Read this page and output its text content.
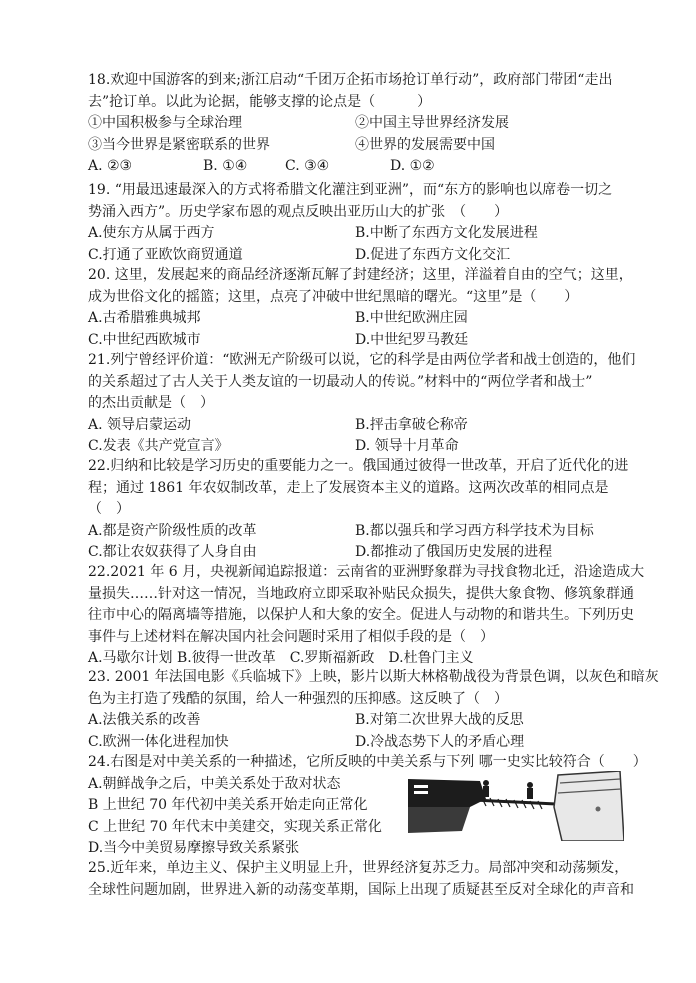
18.欢迎中国游客的到来;浙江启动“千团万企拓市场抢订单行动”，政府部门带团“走出
去”抢订单。以此为论据，能够支撑的论点是（　　　）
①中国积极参与全球治理	②中国主导世界经济发展
③当今世界是紧密联系的世界	④世界的发展需要中国
A. ②③	B. ①④	C. ③④	D. ①②
19. “用最迅速最深入的方式将希腊文化灌注到亚洲”，而“东方的影响也以席卷一切之
势涌入西方”。历史学家布恩的观点反映出亚历山大的扩张　（　　）
A.使东方从属于西方	B.中断了东西方文化发展进程
C.打通了亚欧饮商贸通道	D.促进了东西方文化交汇
20. 这里，发展起来的商品经济逐渐瓦解了封建经济；这里，洋溢着自由的空气；这里，
成为世俗文化的摇篮；这里，点亮了冲破中世纪黑暗的曙光。“这里”是（　　）
A.古希腊雅典城邦	B.中世纪欧洲庄园
C.中世纪西欧城市	D.中世纪罗马教廷
21.列宁曾经评价道：“欧洲无产阶级可以说，它的科学是由两位学者和战士创造的，他们
的关系超过了古人关于人类友谊的一切最动人的传说。”材料中的“两位学者和战士”
的杰出贡献是（　）
A. 领导启蒙运动	B.抨击拿破仑称帝
C.发表《共产党宣言》	D. 领导十月革命
22.归纳和比较是学习历史的重要能力之一。俄国通过彼得一世改革，开启了近代化的进
程；通过 1861 年农奴制改革，走上了发展资本主义的道路。这两次改革的相同点是
（　）
A.都是资产阶级性质的改革	B.都以强兵和学习西方科学技术为目标
C.都让农奴获得了人身自由	D.都推动了俄国历史发展的进程
22.2021 年 6 月，央视新闻追踪报道：云南省的亚洲野象群为寻找食物北迁，沿途造成大
量损失……针对这一情况，当地政府立即采取补贴民众损失，提供大象食物、修筑象群通
往市中心的隔离墙等措施，以保护人和大象的安全。促进人与动物的和谐共生。下列历史
事件与上述材料在解决国内社会问题时采用了相似手段的是（　）
A.马歇尔计划 B.彼得一世改革　C.罗斯福新政　D.杜鲁门主义
23. 2001 年法国电影《兵临城下》上映，影片以斯大林格勒战役为背景色调，以灰色和暗灰
色为主打造了残酷的氛围，给人一种强烈的压抑感。这反映了（　）
A.法俄关系的改善	B.对第二次世界大战的反思
C.欧洲一体化进程加快	D.冷战态势下人的矛盾心理
24.右图是对中美关系的一种描述，它所反映的中美关系与下列 哪一史实比较符合（　　）
A.朝鲜战争之后，中美关系处于敌对状态
B 上世纪 70 年代初中美关系开始走向正常化
C 上世纪 70 年代末中美建交，实现关系正常化
D.当今中美贸易摩擦导致关系紧张
25.近年来，单边主义、保护主义明显上升，世界经济复苏乏力。局部冲突和动荡频发，
全球性问题加剧，世界进入新的动荡变革期，国际上出现了质疑甚至反对全球化的声音和
